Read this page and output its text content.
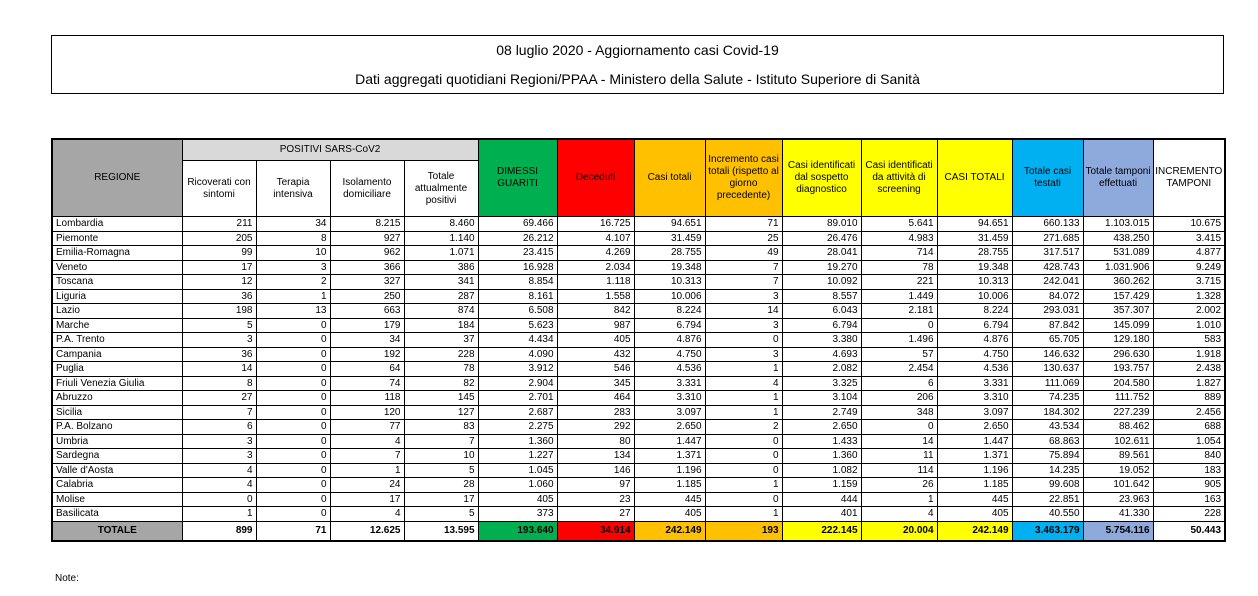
08 luglio 2020 - Aggiornamento casi Covid-19
Dati aggregati quotidiani Regioni/PPAA - Ministero della Salute - Istituto Superiore di Sanità
REGIONE	POSITIVI SARS-CoV2				DIMESSI GUARITI	Deceduti	Casi totali	Incremento casi totali (rispetto al giorno precedente)	Casi identificati dal sospetto diagnostico	Casi identificati da attività di screening	CASI TOTALI	Totale casi testati	Totale tamponi effettuati	INCREMENTO TAMPONI
	Ricoverati con sintomi	Terapia intensiva	Isolamento domiciliare	Totale attualmente positivi										
Lombardia	211	34	8.215	8.460	69.466	16.725	94.651	71	89.010	5.641	94.651	660.133	1.103.015	10.675
Piemonte	205	8	927	1.140	26.212	4.107	31.459	25	26.476	4.983	31.459	271.685	438.250	3.415
Emilia-Romagna	99	10	962	1.071	23.415	4.269	28.755	49	28.041	714	28.755	317.517	531.089	4.877
Veneto	17	3	366	386	16.928	2.034	19.348	7	19.270	78	19.348	428.743	1.031.906	9.249
Toscana	12	2	327	341	8.854	1.118	10.313	7	10.092	221	10.313	242.041	360.262	3.715
Liguria	36	1	250	287	8.161	1.558	10.006	3	8.557	1.449	10.006	84.072	157.429	1.328
Lazio	198	13	663	874	6.508	842	8.224	14	6.043	2.181	8.224	293.031	357.307	2.002
Marche	5	0	179	184	5.623	987	6.794	3	6.794	0	6.794	87.842	145.099	1.010
P.A. Trento	3	0	34	37	4.434	405	4.876	0	3.380	1.496	4.876	65.705	129.180	583
Campania	36	0	192	228	4.090	432	4.750	3	4.693	57	4.750	146.632	296.630	1.918
Puglia	14	0	64	78	3.912	546	4.536	1	2.082	2.454	4.536	130.637	193.757	2.438
Friuli Venezia Giulia	8	0	74	82	2.904	345	3.331	4	3.325	6	3.331	111.069	204.580	1.827
Abruzzo	27	0	118	145	2.701	464	3.310	1	3.104	206	3.310	74.235	111.752	889
Sicilia	7	0	120	127	2.687	283	3.097	1	2.749	348	3.097	184.302	227.239	2.456
P.A. Bolzano	6	0	77	83	2.275	292	2.650	2	2.650	0	2.650	43.534	88.462	688
Umbria	3	0	4	7	1.360	80	1.447	0	1.433	14	1.447	68.863	102.611	1.054
Sardegna	3	0	7	10	1.227	134	1.371	0	1.360	11	1.371	75.894	89.561	840
Valle d'Aosta	4	0	1	5	1.045	146	1.196	0	1.082	114	1.196	14.235	19.052	183
Calabria	4	0	24	28	1.060	97	1.185	1	1.159	26	1.185	99.608	101.642	905
Molise	0	0	17	17	405	23	445	0	444	1	445	22.851	23.963	163
Basilicata	1	0	4	5	373	27	405	1	401	4	405	40.550	41.330	228
TOTALE	899	71	12.625	13.595	193.640	34.914	242.149	193	222.145	20.004	242.149	3.463.179	5.754.116	50.443
Note:
